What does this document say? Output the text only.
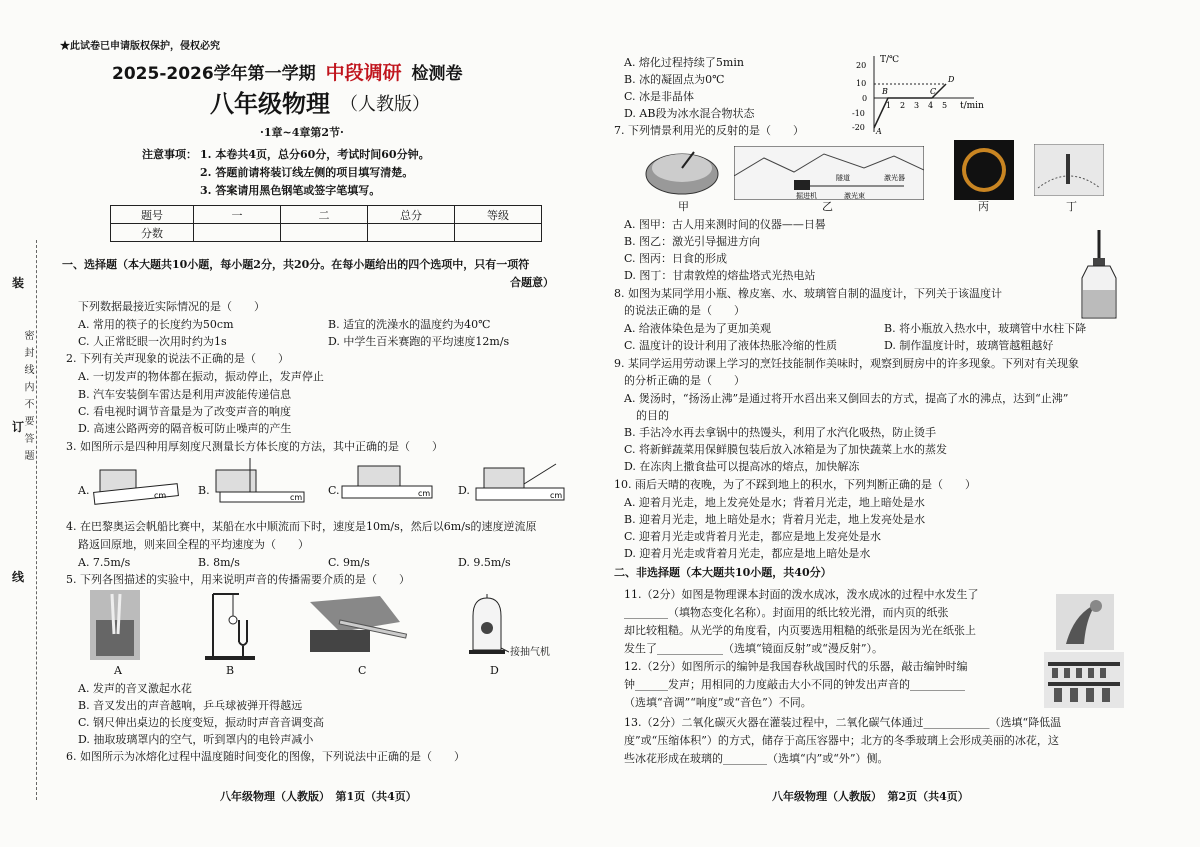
装
订
线
密 封 线 内 不 要 答 题
★此试卷已申请版权保护，侵权必究
2025-2026学年第一学期 中段调研 检测卷
八年级物理 （人教版）
·1章~4章第2节·
注意事项： 1. 本卷共4页，总分60分，考试时间60分钟。
2. 答题前请将装订线左侧的项目填写清楚。
3. 答案请用黑色钢笔或签字笔填写。
题号	一	二	总分	等级
分数				
一、选择题（本大题共10小题，每小题2分，共20分。在每小题给出的四个选项中，只有一项符
合题意）
下列数据最接近实际情况的是（　　）
A. 常用的筷子的长度约为50cm	B. 适宜的洗澡水的温度约为40℃
C. 人正常眨眼一次用时约为1s	D. 中学生百米赛跑的平均速度12m/s
2. 下列有关声现象的说法不正确的是（　　）
A. 一切发声的物体都在振动，振动停止，发声停止
B. 汽车安装倒车雷达是利用声波能传递信息
C. 看电视时调节音量是为了改变声音的响度
D. 高速公路两旁的隔音板可防止噪声的产生
3. 如图所示是四种用厚刻度尺测量长方体长度的方法，其中正确的是（　　）
A.	B.	C.	D.
cm	cm	cm	cm
4. 在巴黎奥运会帆船比赛中，某船在水中顺流而下时，速度是10m/s，然后以6m/s的速度逆流原
路返回原地，则来回全程的平均速度为（　　）
A. 7.5m/s	B. 8m/s	C. 9m/s	D. 9.5m/s
5. 下列各图描述的实验中，用来说明声音的传播需要介质的是（　　）
接抽气机
A	B	C	D
A. 发声的音叉激起水花
B. 音叉发出的声音越响，乒乓球被弹开得越远
C. 钢尺伸出桌边的长度变短，振动时声音音调变高
D. 抽取玻璃罩内的空气，听到罩内的电铃声减小
6. 如图所示为冰熔化过程中温度随时间变化的图像，下列说法中正确的是（　　）
八年级物理（人教版）　第1页（共4页）
A. 熔化过程持续了5min
B. 冰的凝固点为0℃
C. 冰是非晶体
D. AB段为冰水混合物状态
T/℃
t/min
20
10
0
-10
-20
1 2 3 4 5
A
B	C
D
7. 下列情景利用光的反射的是（　　）
隧道	激光器
掘进机	激光束
甲	乙	丙	丁
A. 图甲：古人用来测时间的仪器——日晷
B. 图乙：激光引导掘进方向
C. 图丙：日食的形成
D. 图丁：甘肃敦煌的熔盐塔式光热电站
8. 如图为某同学用小瓶、橡皮塞、水、玻璃管自制的温度计，下列关于该温度计
的说法正确的是（　　）
A. 给液体染色是为了更加美观	B. 将小瓶放入热水中，玻璃管中水柱下降
C. 温度计的设计利用了液体热胀冷缩的性质	D. 制作温度计时，玻璃管越粗越好
9. 某同学运用劳动课上学习的烹饪技能制作美味时，观察到厨房中的许多现象。下列对有关现象
的分析正确的是（　　）
A. 煲汤时，“扬汤止沸”是通过将开水舀出来又倒回去的方式，提高了水的沸点，达到“止沸”
的目的
B. 手沾冷水再去拿锅中的热馒头，利用了水汽化吸热，防止烫手
C. 将新鲜蔬菜用保鲜膜包装后放入冰箱是为了加快蔬菜上水的蒸发
D. 在冻肉上撒食盐可以提高冰的熔点，加快解冻
10. 雨后天晴的夜晚，为了不踩到地上的积水，下列判断正确的是（　　）
A. 迎着月光走，地上发亮处是水；背着月光走，地上暗处是水
B. 迎着月光走，地上暗处是水；背着月光走，地上发亮处是水
C. 迎着月光走或背着月光走，都应是地上发亮处是水
D. 迎着月光走或背着月光走，都应是地上暗处是水
二、非选择题（本大题共10小题，共40分）
11.（2分）如图是物理课本封面的泼水成冰，泼水成冰的过程中水发生了
________（填物态变化名称）。封面用的纸比较光滑，而内页的纸张
却比较粗糙。从光学的角度看，内页要选用粗糙的纸张是因为光在纸张上
发生了____________（选填“镜面反射”或“漫反射”）。
12.（2分）如图所示的编钟是我国春秋战国时代的乐器，敲击编钟时编
钟______发声；用相同的力度敲击大小不同的钟发出声音的__________
（选填“音调”“响度”或“音色”）不同。
13.（2分）二氧化碳灭火器在灌装过程中，二氧化碳气体通过____________（选填“降低温
度”或“压缩体积”）的方式，储存于高压容器中；北方的冬季玻璃上会形成美丽的冰花，这
些冰花形成在玻璃的________（选填“内”或“外”）侧。
八年级物理（人教版）　第2页（共4页）
